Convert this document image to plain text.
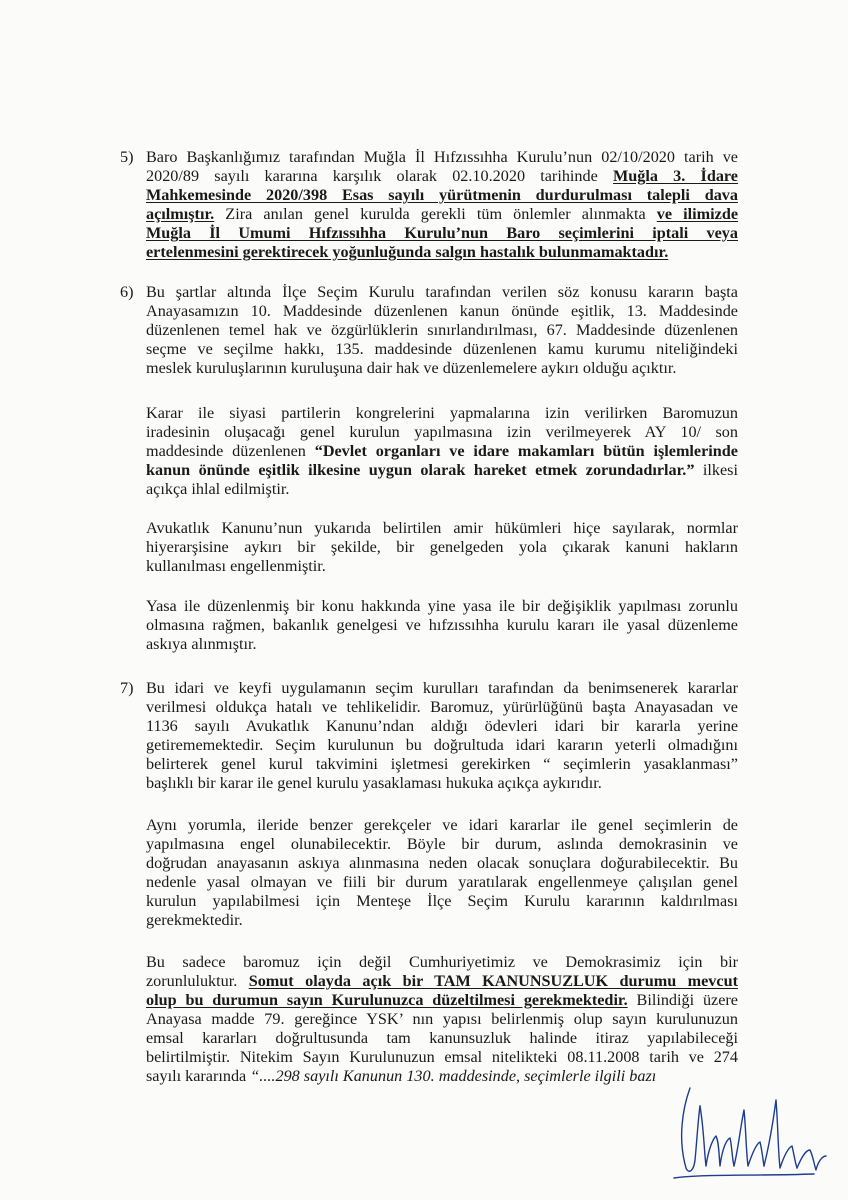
5) Baro Başkanlığımız tarafından Muğla İl Hıfzıssıhha Kurulu’nun 02/10/2020 tarih ve
2020/89 sayılı kararına karşılık olarak 02.10.2020 tarihinde Muğla 3. İdare
Mahkemesinde 2020/398 Esas sayılı yürütmenin durdurulması talepli dava
açılmıştır. Zira anılan genel kurulda gerekli tüm önlemler alınmakta ve ilimizde
Muğla İl Umumi Hıfzıssıhha Kurulu’nun Baro seçimlerini iptali veya
ertelenmesini gerektirecek yoğunluğunda salgın hastalık bulunmamaktadır.
6) Bu şartlar altında İlçe Seçim Kurulu tarafından verilen söz konusu kararın başta
Anayasamızın 10. Maddesinde düzenlenen kanun önünde eşitlik, 13. Maddesinde
düzenlenen temel hak ve özgürlüklerin sınırlandırılması, 67. Maddesinde düzenlenen
seçme ve seçilme hakkı, 135. maddesinde düzenlenen kamu kurumu niteliğindeki
meslek kuruluşlarının kuruluşuna dair hak ve düzenlemelere aykırı olduğu açıktır.
Karar ile siyasi partilerin kongrelerini yapmalarına izin verilirken Baromuzun
iradesinin oluşacağı genel kurulun yapılmasına izin verilmeyerek AY 10/ son
maddesinde düzenlenen “Devlet organları ve idare makamları bütün işlemlerinde
kanun önünde eşitlik ilkesine uygun olarak hareket etmek zorundadırlar.” ilkesi
açıkça ihlal edilmiştir.
Avukatlık Kanunu’nun yukarıda belirtilen amir hükümleri hiçe sayılarak, normlar
hiyerarşisine aykırı bir şekilde, bir genelgeden yola çıkarak kanuni hakların
kullanılması engellenmiştir.
Yasa ile düzenlenmiş bir konu hakkında yine yasa ile bir değişiklik yapılması zorunlu
olmasına rağmen, bakanlık genelgesi ve hıfzıssıhha kurulu kararı ile yasal düzenleme
askıya alınmıştır.
7) Bu idari ve keyfi uygulamanın seçim kurulları tarafından da benimsenerek kararlar
verilmesi oldukça hatalı ve tehlikelidir. Baromuz, yürürlüğünü başta Anayasadan ve
1136 sayılı Avukatlık Kanunu’ndan aldığı ödevleri idari bir kararla yerine
getirememektedir. Seçim kurulunun bu doğrultuda idari kararın yeterli olmadığını
belirterek genel kurul takvimini işletmesi gerekirken “ seçimlerin yasaklanması”
başlıklı bir karar ile genel kurulu yasaklaması hukuka açıkça aykırıdır.
Aynı yorumla, ileride benzer gerekçeler ve idari kararlar ile genel seçimlerin de
yapılmasına engel olunabilecektir. Böyle bir durum, aslında demokrasinin ve
doğrudan anayasanın askıya alınmasına neden olacak sonuçlara doğurabilecektir. Bu
nedenle yasal olmayan ve fiili bir durum yaratılarak engellenmeye çalışılan genel
kurulun yapılabilmesi için Menteşe İlçe Seçim Kurulu kararının kaldırılması
gerekmektedir.
Bu sadece baromuz için değil Cumhuriyetimiz ve Demokrasimiz için bir
zorunluluktur. Somut olayda açık bir TAM KANUNSUZLUK durumu mevcut
olup bu durumun sayın Kurulunuzca düzeltilmesi gerekmektedir. Bilindiği üzere
Anayasa madde 79. gereğince YSK’ nın yapısı belirlenmiş olup sayın kurulunuzun
emsal kararları doğrultusunda tam kanunsuzluk halinde itiraz yapılabileceği
belirtilmiştir. Nitekim Sayın Kurulunuzun emsal nitelikteki 08.11.2008 tarih ve 274
sayılı kararında “....298 sayılı Kanunun 130. maddesinde, seçimlerle ilgili bazı
